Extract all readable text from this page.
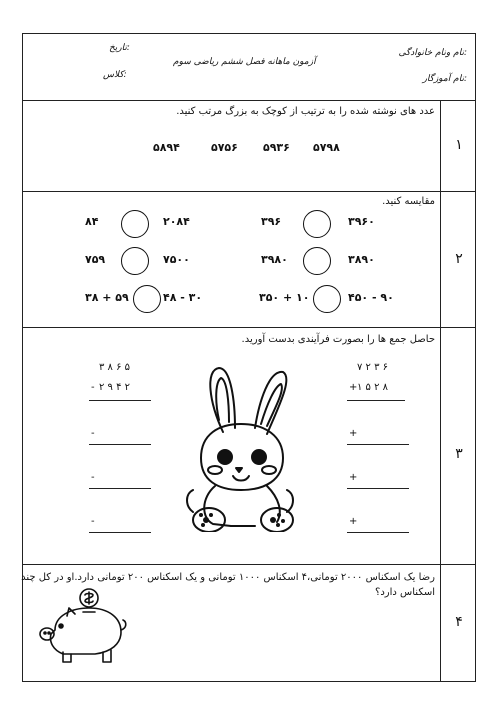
نام ونام خانوادگی:
تاریخ:
آزمون ماهانه فصل ششم ریاضی سوم
نام آموزگار:
کلاس:
۱
۲
۳
۴
عدد های نوشته شده را به ترتیب از کوچک به بزرگ مرتب کنید.
۵۷۹۸
۵۹۳۶
۵۷۵۶
۵۸۹۴
مقایسه کنید.
۳۹۶۰
۳۹۶
۲۰۸۴
۸۴
۳۸۹۰
۳۹۸۰
۷۵۰۰
۷۵۹
۴۵۰ - ۹۰
۳۵۰ + ۱۰
۴۸ - ۳۰
۳۸ + ۵۹
حاصل جمع ها را بصورت فرآیندی بدست آورید.
۷ ۲ ۳ ۶
+ ۱ ۵ ۲ ۸
+
+
+
۳ ۸ ۶ ۵
- ۲ ۹ ۴ ۲
-
-
-
رضا یک اسکناس ۲۰۰۰ تومانی،۴ اسکناس ۱۰۰۰ تومانی و یک اسکناس ۲۰۰ تومانی دارد.او در کل چند
اسکناس دارد؟
